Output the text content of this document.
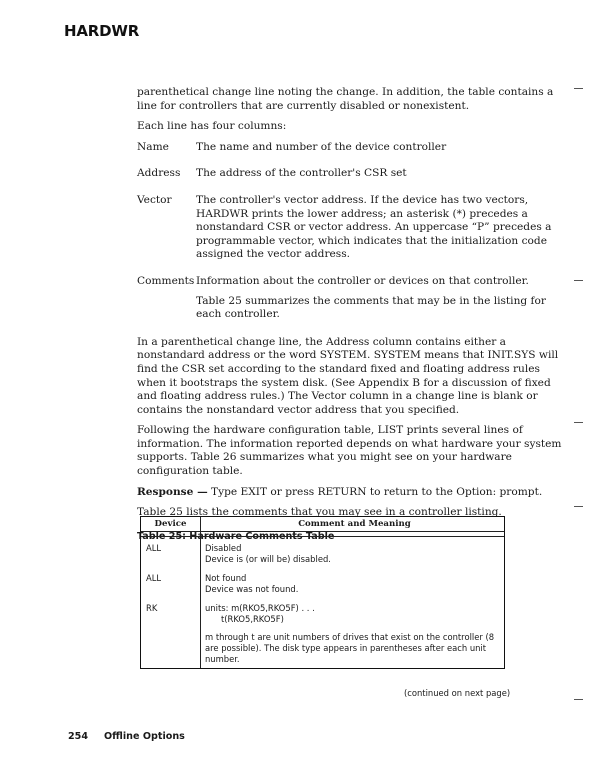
HARDWR

parenthetical change line noting the change. In addition, the table contains a line for controllers that are currently disabled or nonexistent.

Each line has four columns:

Name	The name and number of the device controller

Address	The address of the controller's CSR set

Vector	The controller's vector address. If the device has two vectors, HARDWR prints the lower address; an asterisk (*) precedes a nonstandard CSR or vector address. An uppercase “P” precedes a programmable vector, which indicates that the initialization code assigned the vector address.

Comments Information about the controller or devices on that controller.

Table 25 summarizes the comments that may be in the listing for each controller.

In a parenthetical change line, the Address column contains either a nonstandard address or the word SYSTEM. SYSTEM means that INIT.SYS will find the CSR set according to the standard fixed and floating address rules when it bootstraps the system disk. (See Appendix B for a discussion of fixed and floating address rules.) The Vector column in a change line is blank or contains the nonstandard vector address that you specified.

Following the hardware configuration table, LIST prints several lines of information. The information reported depends on what hardware your system supports. Table 26 summarizes what you might see on your hardware configuration table.

Response — Type EXIT or press RETURN to return to the Option: prompt.

Table 25 lists the comments that you may see in a controller listing.

Table 25: Hardware Comments Table
Device	Comment and Meaning
ALL	Disabled
Device is (or will be) disabled.
ALL	Not found
Device was not found.
RK	units: m(RKO5,RKO5F) . . .
t(RKO5,RKO5F)
m through t are unit numbers of drives that exist on the controller (8 are possible). The disk type appears in parentheses after each unit number.
(continued on next page)
254 Offline Options
